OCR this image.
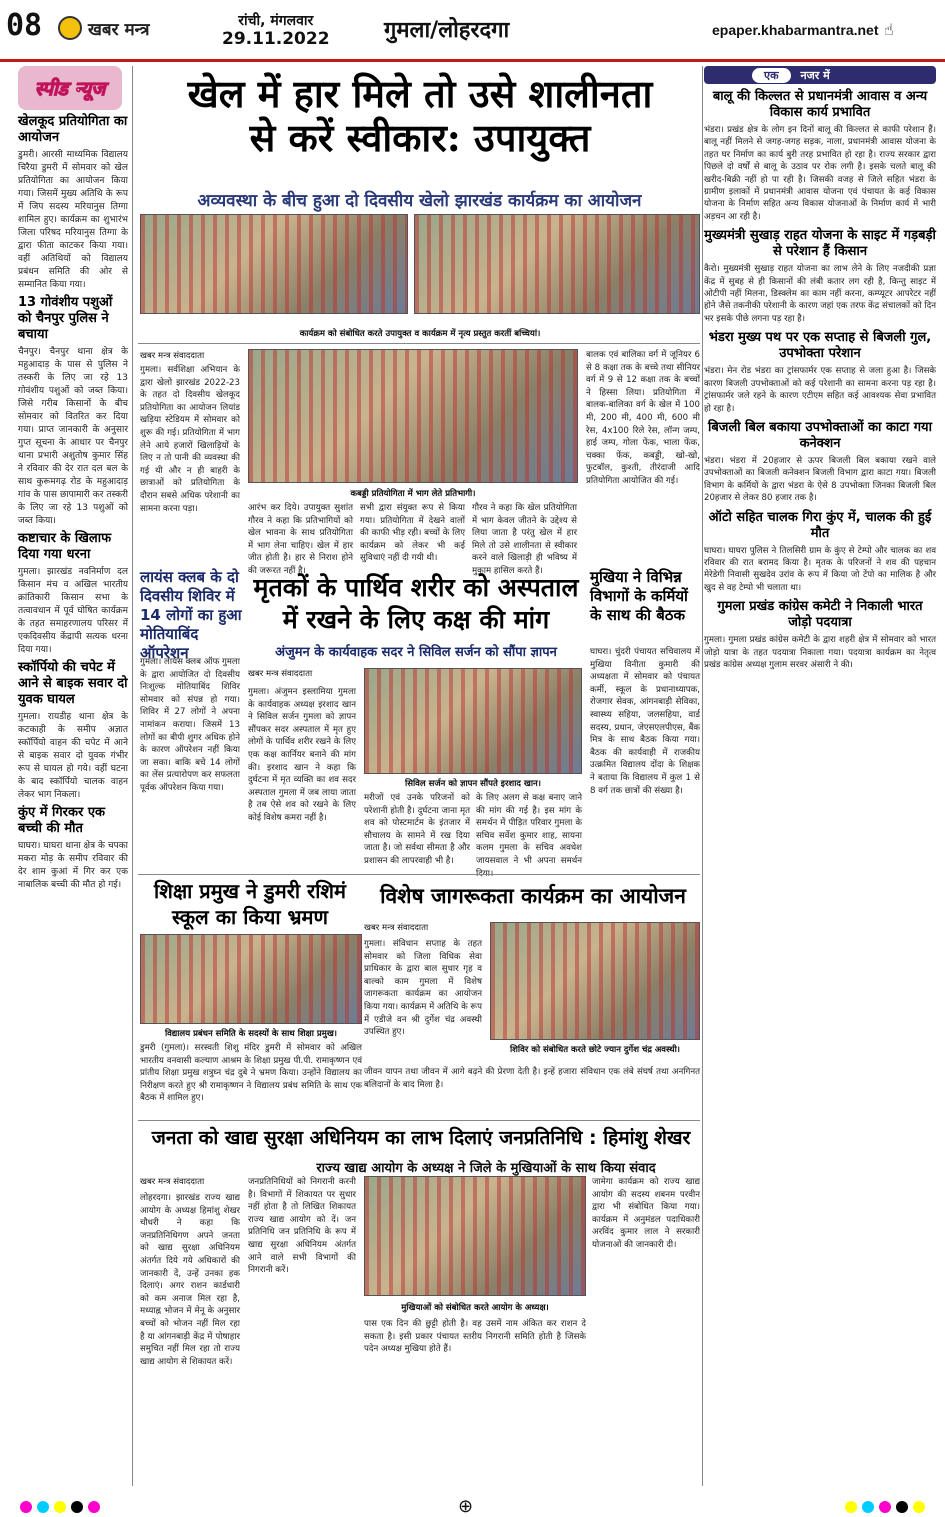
08	खबर मन्त्र	रांची, मंगलवार
29.11.2022 गुमला/लोहरदगा	epaper.khabarmantra.net ☝
स्पीड न्यूज
खेलकूद प्रतियोगिता का आयोजन
डुमरी। आरसी माध्यमिक विद्यालय चिरैया डुमरी में सोमवार को खेल प्रतियोगिता का आयोजन किया गया। जिसमें मुख्य अतिथि के रूप में जिप सदस्य मरियानुस तिग्गा शामिल हुए। कार्यक्रम का शुभारंभ जिला परिषद मरियानुस तिग्गा के द्वारा फीता काटकर किया गया। वहीं अतिथियों को विद्यालय प्रबंधन समिति की ओर से सम्मानित किया गया।
13 गोवंशीय पशुओं को चैनपुर पुलिस ने बचाया
चैनपुर। चैनपुर थाना क्षेत्र के महुआदाड़ के पास से पुलिस ने तस्करी के लिए जा रहे 13 गोवंशीय पशुओं को जब्त किया। जिसे गरीब किसानों के बीच सोमवार को वितरित कर दिया गया। प्राप्त जानकारी के अनुसार गुप्त सूचना के आधार पर चैनपुर थाना प्रभारी अशुतोष कुमार सिंह ने रविवार की देर रात दल बल के साथ कुरूमगढ़ रोड के महुआदाड़ गांव के पास छापामारी कर तस्करी के लिए जा रहे 13 पशुओं को जब्त किया।
कष्टाचार के खिलाफ दिया गया धरना
गुमला। झारखंड नवनिर्माण दल किसान मंच व अखिल भारतीय क्रांतिकारी किसान सभा के तत्वावधान में पूर्व घोषित कार्यक्रम के तहत समाहरणालय परिसर में एकदिवसीय केंद्रापी सत्यक धरना दिया गया।
स्कॉर्पियो की चपेट में आने से बाइक सवार दो युवक घायल
गुमला। रायडीह थाना क्षेत्र के कटकाही के समीप अज्ञात स्कॉर्पियो वाहन की चपेट में आने से बाइक सवार दो युवक गंभीर रूप से घायल हो गये। वहीं घटना के बाद स्कॉर्पियो चालक वाहन लेकर भाग निकला।
कुंए में गिरकर एक बच्ची की मौत
घाघरा। घाघरा थाना क्षेत्र के चपका मकरा मोड़ के समीप रविवार की देर शाम कुआं में गिर कर एक नाबालिक बच्ची की मौत हो गई।
खेल में हार मिले तो उसे शालीनता
से करें स्वीकार: उपायुक्त
अव्यवस्था के बीच हुआ दो दिवसीय खेलो झारखंड कार्यक्रम का आयोजन
कार्यक्रम को संबोधित करते उपायुक्त व कार्यक्रम में नृत्य प्रस्तुत करतीं बच्चियां।
खबर मन्त्र संवाददाता
गुमला। सर्वशिक्षा अभियान के द्वारा खेलो झारखंड 2022-23 के तहत दो दिवसीय खेलकूद प्रतियोगिता का आयोजन लियांड खड़िया स्टेडियम में सोमवार को शुरू की गई। प्रतियोगिता में भाग लेने आये हजारों खिलाड़ियों के लिए न तो पानी की व्यवस्था की गई थी और न ही बाहरी के छात्राओं को प्रतियोगिता के दौरान सबसे अधिक परेशानी का सामना करना पड़ा।
कबड्डी प्रतियोगिता में भाग लेते प्रतिभागी।
आरंभ कर दिये। उपायुक्त सुशांत गौरव ने कहा कि प्रतिभागियों को खेल भावना के साथ प्रतियोगिता में भाग लेना चाहिए। खेल में हार जीत होती है। हार से निराश होने की जरूरत नहीं है।
सभी द्वारा संयुक्त रूप से किया गया। प्रतियोगिता में देखने वालों की काफी भीड़ रही। बच्चों के लिए कार्यक्रम को लेकर भी कई सुविधाएं नहीं दी गयी थी।
गौरव ने कहा कि खेल प्रतियोगिता में भाग केवल जीतने के उद्देश्य से लिया जाता है परंतु खेल में हार मिले तो उसे शालीनता से स्वीकार करने वाले खिलाड़ी ही भविष्य में मुकाम हासिल करते हैं।
बालक एवं बालिका वर्ग में जूनियर 6 से 8 कक्षा तक के बच्चे तथा सीनियर वर्ग में 9 से 12 कक्षा तक के बच्चों ने हिस्सा लिया। प्रतियोगिता में बालक-बालिका वर्ग के खेल में 100 मी, 200 मी, 400 मी, 600 मी रेस, 4x100 रिले रेस, लॉन्ग जम्प, हाई जम्प, गोला फेंक, भाला फेंक, चक्का फेंक, कबड्डी, खो-खो, फुटबॉल, कुश्ती, तीरंदाजी आदि प्रतियोगिता आयोजित की गई।
लायंस क्लब के दो दिवसीय शिविर में 14 लोगों का हुआ मोतियाबिंद ऑपरेशन
गुमला। लायंस क्लब ऑफ गुमला के द्वारा आयोजित दो दिवसीय निःशुल्क मोतियाबिंद शिविर सोमवार को संपन्न हो गया। शिविर में 27 लोगों ने अपना नामांकन कराया। जिसमें 13 लोगों का बीपी शुगर अधिक होने के कारण ऑपरेशन नहीं किया जा सका। बाकि बचे 14 लोगों का लेंस प्रत्यारोपण कर सफलता पूर्वक ऑपरेशन किया गया।
मृतकों के पार्थिव शरीर को अस्पताल
में रखने के लिए कक्ष की मांग
अंजुमन के कार्यवाहक सदर ने सिविल सर्जन को सौंपा ज्ञापन
खबर मन्त्र संवाददाता
गुमला। अंजुमन इस्लामिया गुमला के कार्यवाहक अध्यक्ष इरशाद खान ने सिविल सर्जन गुमला को ज्ञापन सौंपकर सदर अस्पताल में मृत हुए लोगों के पार्थिव शरीर रखने के लिए एक कक्ष कार्नियर बनाने की मांग की। इरशाद खान ने कहा कि दुर्घटना में मृत व्यक्ति का शव सदर अस्पताल गुमला में जब लाया जाता है तब ऐसे शव को रखने के लिए कोई विशेष कमरा नहीं है।
सिविल सर्जन को ज्ञापन सौंपते इरशाद खान।
मरीजों एवं उनके परिजनों को परेशानी होती है। दुर्घटना जाना मृत शव को पोस्टमार्टम के इंतजार में सौचालय के सामने में रख दिया जाता है। जो सर्वथा सीमता है और प्रशासन की लापरवाही भी है।
के लिए अलग से कक्ष बनाए जाने की मांग की गई है। इस मांग के समर्थन में पीड़ित परिवार गुमला के सचिव सर्वेश कुमार शाह, सायना कलम गुमला के सचिव अवधेश जायसवाल ने भी अपना समर्थन
मुखिया ने विभिन्न विभागों के कर्मियों के साथ की बैठक
घाघरा। चुंदरी पंचायत सचिवालय में मुखिया विनीता कुमारी की अध्यक्षता में सोमवार को पंचायत कर्मी, स्कूल के प्रधानाध्यापक, रोजगार सेवक, आंगनबाड़ी सेविका, स्वास्थ्य सहिया, जलसहिया, वार्ड सदस्य, प्रधान, जेएसएलपीएस, बैंक मित्र के साथ बैठक किया गया। बैठक की कार्यवाही में राजकीय उत्क्रमित विद्यालय दोंदा के शिक्षक ने बताया कि विद्यालय में कुल 1 से 8 वर्ग तक छात्रों की संख्या है।
शिक्षा प्रमुख ने डुमरी रशिमं
स्कूल का किया भ्रमण
विद्यालय प्रबंधन समिति के सदस्यों के साथ शिक्षा प्रमुख।
डुमरी (गुमला)। सरस्वती शिशु मंदिर डुमरी में सोमवार को अखिल भारतीय वनवासी कल्याण आश्रम के शिक्षा प्रमुख पी.पी. रामाकृष्णन एवं प्रांतीय शिक्षा प्रमुख शत्रुघ्न चंद्र दुबे ने भ्रमण किया। उन्होंने विद्यालय का निरीक्षण करते हुए श्री रामाकृष्णन ने विद्यालय प्रबंध समिति के साथ एक बैठक में शामिल हुए।
विशेष जागरूकता कार्यक्रम का आयोजन
खबर मन्त्र संवाददाता
गुमला। संविधान सप्ताह के तहत सोमवार को जिला विधिक सेवा प्राधिकार के द्वारा बाल सुधार गृह व बाल्को काम गुमला में विशेष जागरूकता कार्यक्रम का आयोजन किया गया। कार्यक्रम में अतिथि के रूप में एडीजे वन श्री दुर्गेश चंद्र अवस्थी उपस्थित हुए।
शिविर को संबोधित करते छोटे ज्यान दुर्गेश चंद्र अवस्थी।
जीवन यापन तथा जीवन में आगे बढ़ने की प्रेरणा देती है। इन्हें हजारा संविधान एक लंबे संघर्ष तथा अनगिनत बलिदानों के बाद मिला है।
जनता को खाद्य सुरक्षा अधिनियम का लाभ दिलाएं जनप्रतिनिधि : हिमांशु शेखर
राज्य खाद्य आयोग के अध्यक्ष ने जिले के मुखियाओं के साथ किया संवाद
खबर मन्त्र संवाददाता
लोहरदगा। झारखंड राज्य खाद्य आयोग के अध्यक्ष हिमांशु शेखर चौधरी ने कहा कि जनप्रतिनिधिगण अपने जनता को खाद्य सुरक्षा अधिनियम अंतर्गत दिये गये अधिकारों की जानकारी दें, उन्हें उनका हक दिलाएं। अगर राशन कार्डधारी को कम अनाज मिल रहा है, मध्याह्न भोजन में मेनू के अनुसार बच्चों को भोजन नहीं मिल रहा है या आंगनबाड़ी केंद्र में पोषाहार समुचित नहीं मिल रहा तो राज्य खाद्य आयोग से शिकायत करें।
जनप्रतिनिधियों को निगरानी करनी है। विभागों में शिकायत पर सुधार नहीं होता है तो लिखित शिकायत राज्य खाद्य आयोग को दें। जन प्रतिनिधि जन प्रतिनिधि के रूप में खाद्य सुरक्षा अधिनियम अंतर्गत आने वाले सभी विभागों की निगरानी करें।
मुखियाओं को संबोधित करते आयोग के अध्यक्ष।
पास एक दिन की छुट्टी होती है। वह उसमें नाम अंकित कर राशन दे सकता है। इसी प्रकार पंचायत स्तरीय निगरानी समिति होती है जिसके पदेन अध्यक्ष मुखिया होते हैं।
जामेगा कार्यक्रम को राज्य खाद्य आयोग की सदस्य शबनम परवीन द्वारा भी संबोधित किया गया। कार्यक्रम में अनुमंडल पदाधिकारी अरविंद कुमार लाल ने सरकारी योजनाओं की जानकारी दी।
एक	नजर में
बालू की किल्लत से प्रधानमंत्री आवास व अन्य विकास कार्य प्रभावित
भंडरा। प्रखंड क्षेत्र के लोग इन दिनों बालू की किल्लत से काफी परेशान हैं। बालू नहीं मिलने से जगह-जगह सड़क, नाला, प्रधानमंत्री आवास योजना के तहत घर निर्माण का कार्य बुरी तरह प्रभावित हो रहा है। राज्य सरकार द्वारा पिछले दो वर्षों से बालू के उठाव पर रोक लगी है। इसके चलते बालू की खरीद-बिक्री नहीं हो पा रही है। जिसकी वजह से जिले सहित भंडरा के ग्रामीण इलाकों में प्रधानमंत्री आवास योजना एवं पंचायत के कई विकास योजना के निर्माण सहित अन्य विकास योजनाओं के निर्माण कार्य में भारी अड़चन आ रही है।
मुख्यमंत्री सुखाड़ राहत योजना के साइट में गड़बड़ी से परेशान हैं किसान
कैरो। मुख्यमंत्री सुखाड़ राहत योजना का लाभ लेने के लिए नजदीकी प्रज्ञा केंद्र में सुबह से ही किसानों की लंबी कतार लग रही है, किन्तु साइट में ओटीपी नहीं मिलना, डिस्क्लेम का काम नहीं करना, कम्प्यूटर आपरेटर नहीं होने जैसे तकनीकी परेशानी के कारण जहां एक तरफ केंद्र संचालकों को दिन भर इसके पीछे लगना पड़ रहा है।
भंडरा मुख्य पथ पर एक सप्ताह से बिजली गुल, उपभोक्ता परेशान
भंडरा। मेन रोड भंडरा का ट्रांसफार्मर एक सप्ताह से जला हुआ है। जिसके कारण बिजली उपभोक्ताओं को कई परेशानी का सामना करना पड़ रहा है। ट्रांसफार्मर जले रहने के कारण एटीएम सहित कई आवश्यक सेवा प्रभावित हो रहा है।
बिजली बिल बकाया उपभोक्ताओं का काटा गया कनेक्शन
भंडरा। भंडरा में 20हजार से ऊपर बिजली बिल बकाया रखने वाले उपभोक्ताओं का बिजली कनेक्शन बिजली विभाग द्वारा काटा गया। बिजली विभाग के कर्मियों के द्वारा भंडरा के ऐसे 8 उपभोक्ता जिनका बिजली बिल 20हजार से लेकर 80 हजार तक है।
ऑटो सहित चालक गिरा कुंए में, चालक की हुई मौत
घाघरा। घाघरा पुलिस ने तिलसिरी ग्राम के कुंए से टेम्पो और चालक का शव रविवार की रात बरामद किया है। मृतक के परिजनों ने शव की पहचान मेरेडेगी निवासी सुखदेव उरांव के रूप में किया जो टेंपो का मालिक है और खुद से वह टेम्पो भी चलाता था।
गुमला प्रखंड कांग्रेस कमेटी ने निकाली भारत जोड़ो पदयात्रा
गुमला। गुमला प्रखंड कांग्रेस कमेटी के द्वारा शहरी क्षेत्र में सोमवार को भारत जोड़ो यात्रा के तहत पदयात्रा निकाला गया। पदयात्रा कार्यक्रम का नेतृत्व प्रखंड कांग्रेस अध्यक्ष गुलाम सरवर अंसारी ने की।
⊕
